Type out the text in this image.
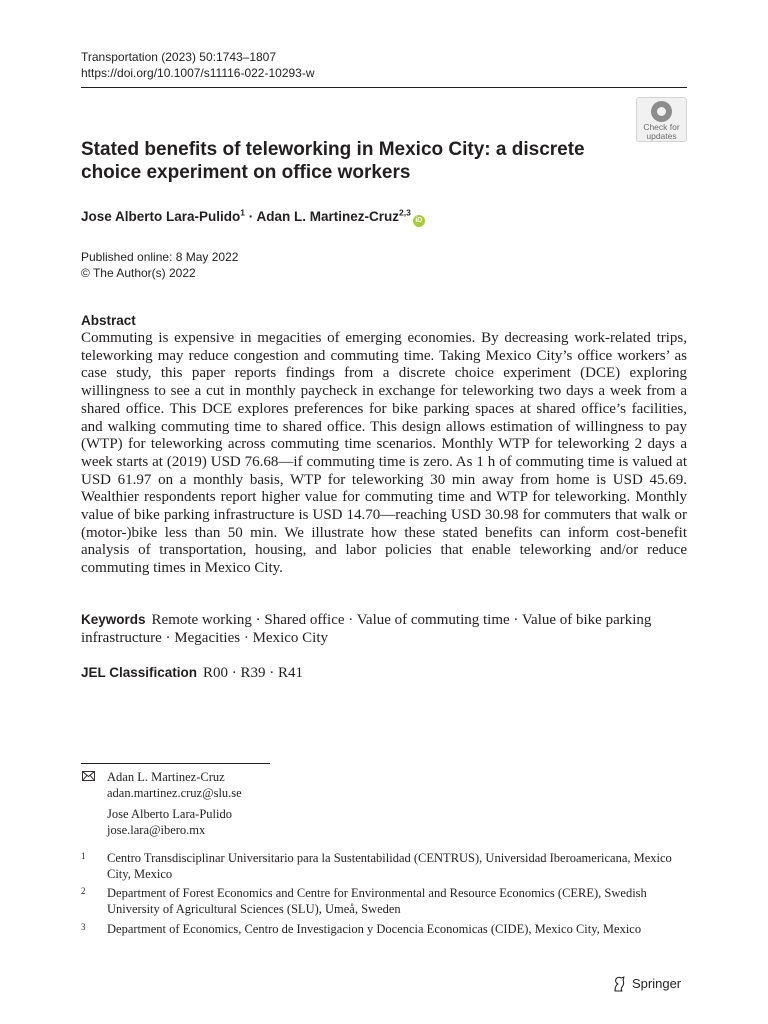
Transportation (2023) 50:1743–1807
https://doi.org/10.1007/s11116-022-10293-w
Check for
updates
Stated benefits of teleworking in Mexico City: a discrete choice experiment on office workers
Jose Alberto Lara-Pulido$^1$ · Adan L. Martinez-Cruz$^{2,3}$iD
Published online: 8 May 2022
© The Author(s) 2022
Abstract
Commuting is expensive in megacities of emerging economies. By decreasing work-related trips, teleworking may reduce congestion and commuting time. Taking Mexico City’s office workers’ as case study, this paper reports findings from a discrete choice experiment (DCE) exploring willingness to see a cut in monthly paycheck in exchange for teleworking two days a week from a shared office. This DCE explores preferences for bike parking spaces at shared office’s facilities, and walking commuting time to shared office. This design allows estimation of willingness to pay (WTP) for teleworking across commuting time scenarios. Monthly WTP for teleworking 2 days a week starts at (2019) USD 76.68—if commuting time is zero. As 1 h of commuting time is valued at USD 61.97 on a monthly basis, WTP for teleworking 30 min away from home is USD 45.69. Wealthier respondents report higher value for commuting time and WTP for teleworking. Monthly value of bike parking infrastructure is USD 14.70—reaching USD 30.98 for commuters that walk or (motor-)bike less than 50 min. We illustrate how these stated benefits can inform cost-benefit analysis of transportation, housing, and labor policies that enable teleworking and/or reduce commuting times in Mexico City.
Keywords Remote working · Shared office · Value of commuting time · Value of bike parking infrastructure · Megacities · Mexico City
JEL Classification R00 · R39 · R41
Adan L. Martinez-Cruz
adan.martinez.cruz@slu.se
Jose Alberto Lara-Pulido
jose.lara@ibero.mx
1 Centro Transdisciplinar Universitario para la Sustentabilidad (CENTRUS), Universidad Iberoamericana, Mexico City, Mexico
2 Department of Forest Economics and Centre for Environmental and Resource Economics (CERE), Swedish University of Agricultural Sciences (SLU), Umeå, Sweden
3 Department of Economics, Centro de Investigacion y Docencia Economicas (CIDE), Mexico City, Mexico
Springer
